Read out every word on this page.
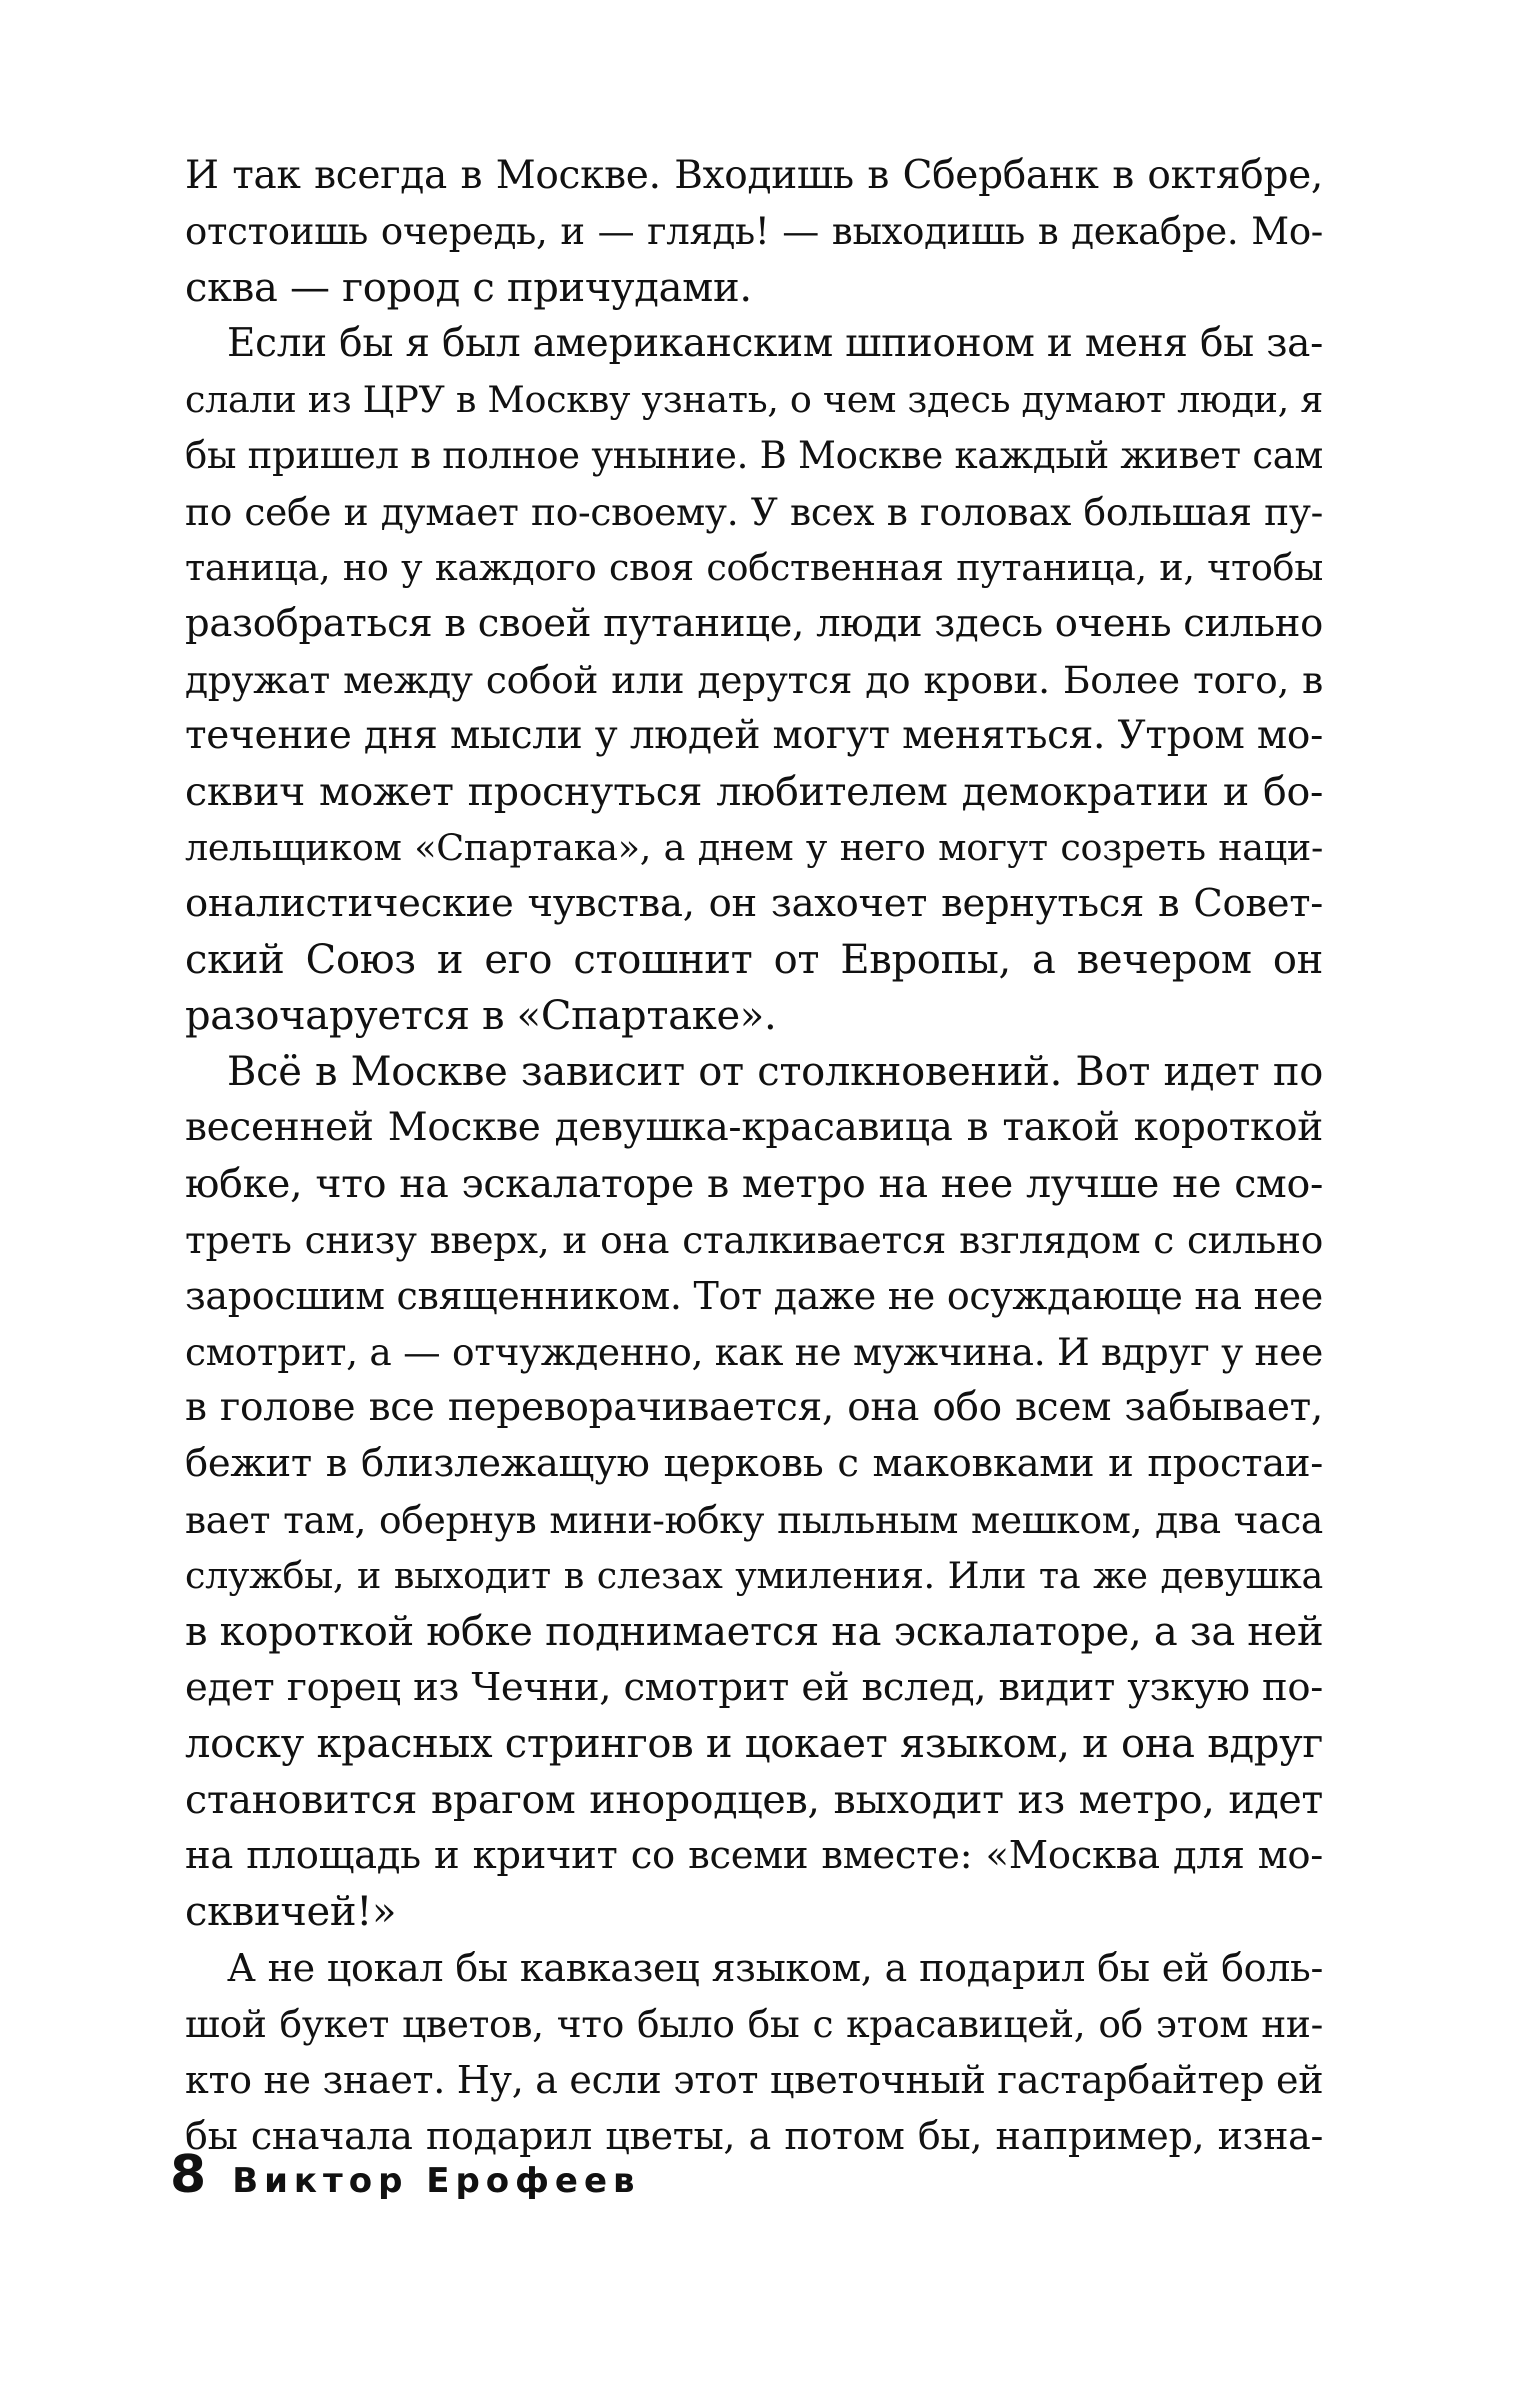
И так всегда в Москве. Входишь в Сбербанк в октябре,
отстоишь очередь, и — глядь! — выходишь в декабре. Мо-
сква — город с причудами.
Если бы я был американским шпионом и меня бы за-
слали из ЦРУ в Москву узнать, о чем здесь думают люди, я
бы пришел в полное уныние. В Москве каждый живет сам
по себе и думает по-своему. У всех в головах большая пу-
таница, но у каждого своя собственная путаница, и, чтобы
разобраться в своей путанице, люди здесь очень сильно
дружат между собой или дерутся до крови. Более того, в
течение дня мысли у людей могут меняться. Утром мо-
сквич может проснуться любителем демократии и бо-
лельщиком «Спартака», а днем у него могут созреть наци-
оналистические чувства, он захочет вернуться в Совет-
ский Союз и его стошнит от Европы, а вечером он
разочаруется в «Спартаке».
Всё в Москве зависит от столкновений. Вот идет по
весенней Москве девушка-красавица в такой короткой
юбке, что на эскалаторе в метро на нее лучше не смо-
треть снизу вверх, и она сталкивается взглядом с сильно
заросшим священником. Тот даже не осуждающе на нее
смотрит, а — отчужденно, как не мужчина. И вдруг у нее
в голове все переворачивается, она обо всем забывает,
бежит в близлежащую церковь с маковками и простаи-
вает там, обернув мини-юбку пыльным мешком, два часа
службы, и выходит в слезах умиления. Или та же девушка
в короткой юбке поднимается на эскалаторе, а за ней
едет горец из Чечни, смотрит ей вслед, видит узкую по-
лоску красных стрингов и цокает языком, и она вдруг
становится врагом инородцев, выходит из метро, идет
на площадь и кричит со всеми вместе: «Москва для мо-
сквичей!»
А не цокал бы кавказец языком, а подарил бы ей боль-
шой букет цветов, что было бы с красавицей, об этом ни-
кто не знает. Ну, а если этот цветочный гастарбайтер ей
бы сначала подарил цветы, а потом бы, например, изна-
8 Виктор Ерофеев
